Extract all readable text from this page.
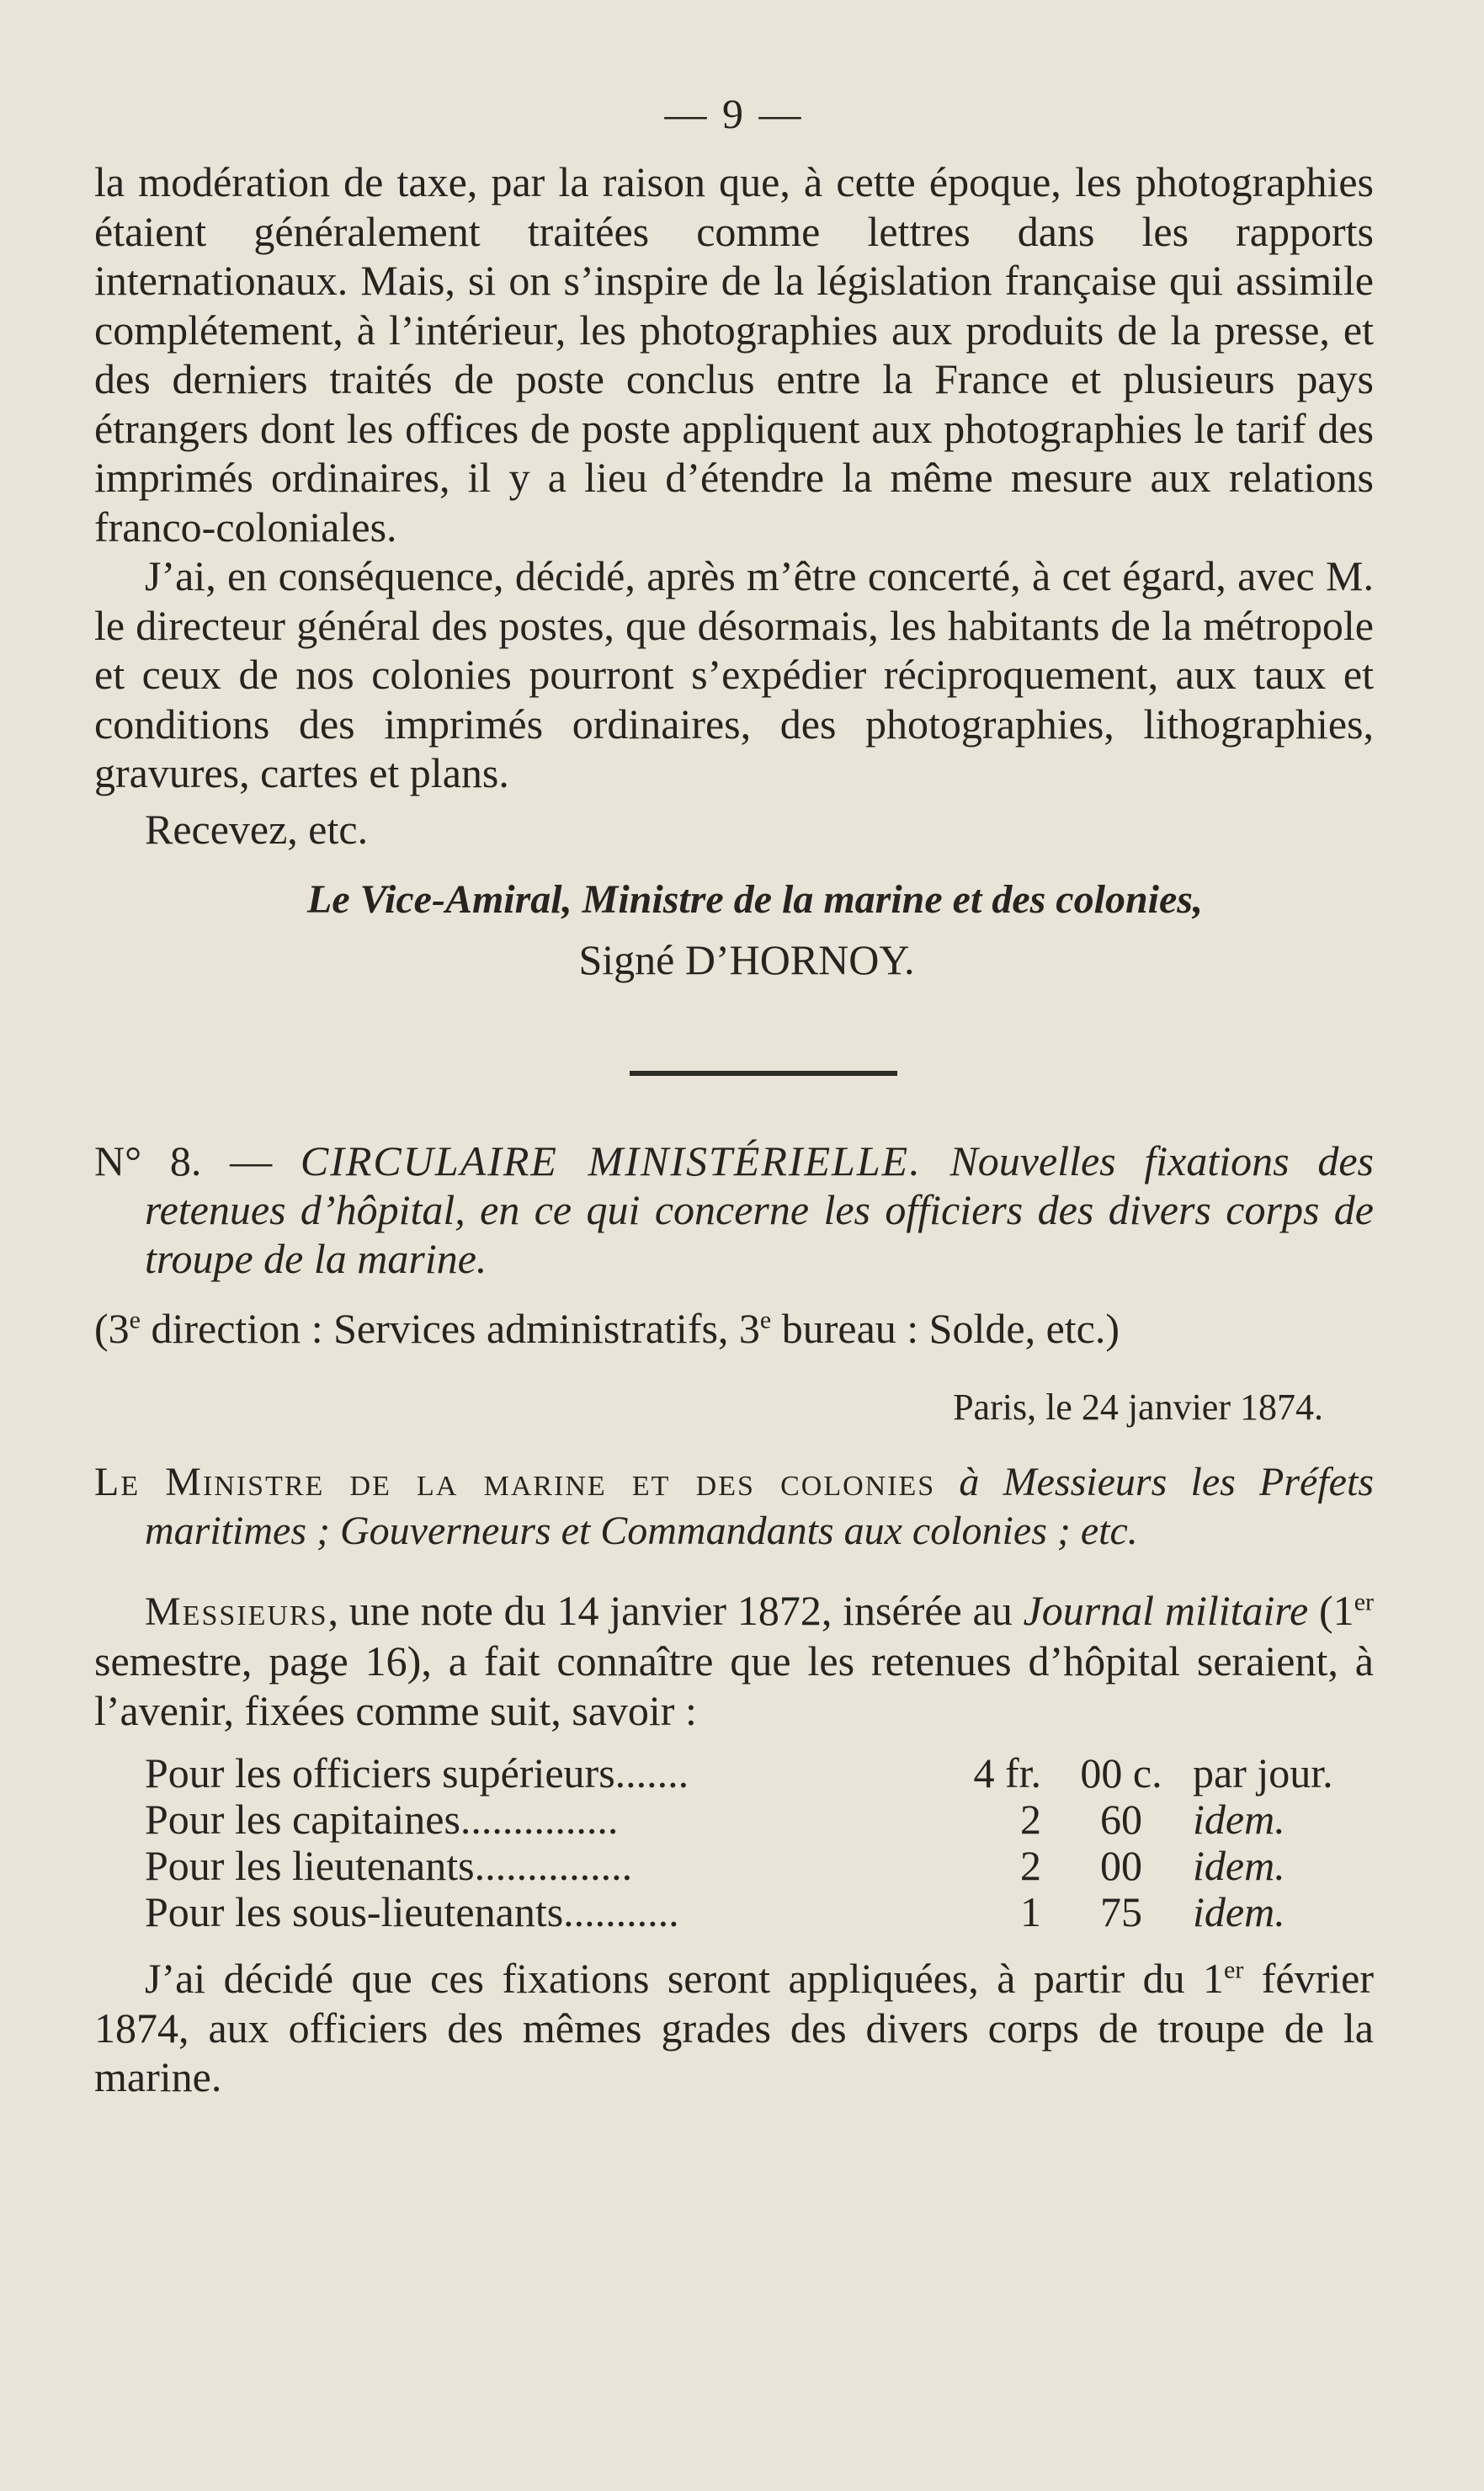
— 9 —

la modération de taxe, par la raison que, à cette époque, les photographies étaient généralement traitées comme lettres dans les rapports internationaux. Mais, si on s’inspire de la législation française qui assimile complétement, à l’intérieur, les photographies aux produits de la presse, et des derniers traités de poste conclus entre la France et plusieurs pays étrangers dont les offices de poste appliquent aux photographies le tarif des imprimés ordinaires, il y a lieu d’étendre la même mesure aux relations franco-coloniales.

J’ai, en conséquence, décidé, après m’être concerté, à cet égard, avec M. le directeur général des postes, que désormais, les habitants de la métropole et ceux de nos colonies pourront s’expédier réciproquement, aux taux et conditions des imprimés ordinaires, des photographies, lithographies, gravures, cartes et plans.

Recevez, etc.
Le Vice-Amiral, Ministre de la marine et des colonies,
Signé D’HORNOY.

N° 8. — CIRCULAIRE MINISTÉRIELLE. Nouvelles fixations des retenues d’hôpital, en ce qui concerne les officiers des divers corps de troupe de la marine.

(3e direction : Services administratifs, 3e bureau : Solde, etc.)
Paris, le 24 janvier 1874.

Le Ministre de la marine et des colonies à Messieurs les Préfets maritimes ; Gouverneurs et Commandants aux colonies ; etc.

Messieurs, une note du 14 janvier 1872, insérée au Journal militaire (1er semestre, page 16), a fait connaître que les retenues d’hôpital seraient, à l’avenir, fixées comme suit, savoir :

Pour les officiers supérieurs.......	4 fr.	00 c.	par jour.
Pour les capitaines...............	2	60	idem.
Pour les lieutenants...............	2	00	idem.
Pour les sous-lieutenants...........	1	75	idem.

J’ai décidé que ces fixations seront appliquées, à partir du 1er février 1874, aux officiers des mêmes grades des divers corps de troupe de la marine.
